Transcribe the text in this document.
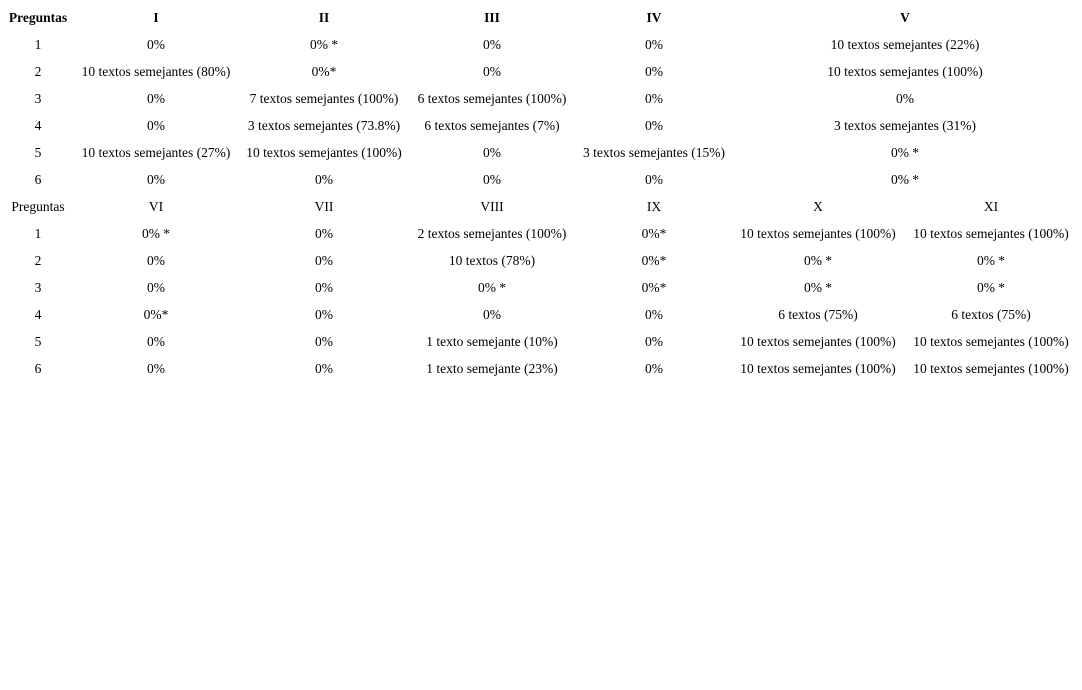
Preguntas	I	II	III	IV	V	
1	0%	0% *	0%	0%	10 textos semejantes (22%)	
2	10 textos semejantes (80%)	0%*	0%	0%	10 textos semejantes (100%)	
3	0%	7 textos semejantes (100%)	6 textos semejantes (100%)	0%	0%	
4	0%	3 textos semejantes (73.8%)	6 textos semejantes (7%)	0%	3 textos semejantes (31%)	
5	10 textos semejantes (27%)	10 textos semejantes (100%)	0%	3 textos semejantes (15%)	0% *	
6	0%	0%	0%	0%	0% *	
Preguntas	VI	VII	VIII	IX	X	XI
1	0% *	0%	2 textos semejantes (100%)	0%*	10 textos semejantes (100%)	10 textos semejantes (100%)
2	0%	0%	10 textos (78%)	0%*	0% *	0% *
3	0%	0%	0% *	0%*	0% *	0% *
4	0%*	0%	0%	0%	6 textos (75%)	6 textos (75%)
5	0%	0%	1 texto semejante (10%)	0%	10 textos semejantes (100%)	10 textos semejantes (100%)
6	0%	0%	1 texto semejante (23%)	0%	10 textos semejantes (100%)	10 textos semejantes (100%)
